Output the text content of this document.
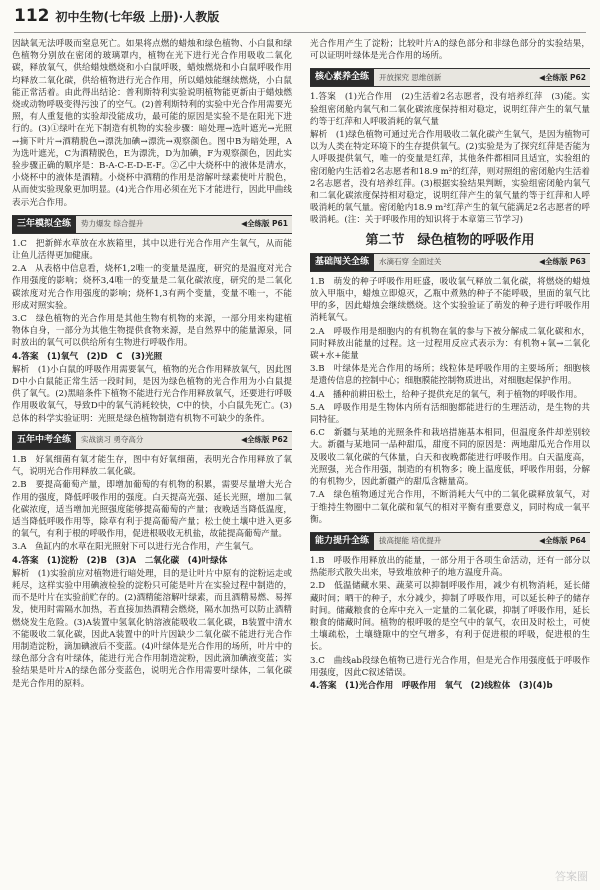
112 初中生物(七年级 上册)·人教版

因缺氧无法呼吸而窒息死亡。如果将点燃的蜡烛和绿色植物、小白鼠和绿色植物分别放在密闭的玻璃罩内，植物在光下进行光合作用吸收二氧化碳，释放氧气，供给蜡烛燃烧和小白鼠呼吸，蜡烛燃烧和小白鼠呼吸作用均释放二氧化碳，供给植物进行光合作用，所以蜡烛能继续燃烧，小白鼠能正常活着。由此得出结论：普利斯特利实验说明植物能更新由于蜡烛燃烧或动物呼吸变得污浊了的空气。(2)普利斯特利的实验中光合作用需要光照，有人重复他的实验却没能成功，最可能的原因是实验不是在阳光下进行的。(3)①绿叶在光下制造有机物的实验步骤：暗处理→选叶遮光→光照→摘下叶片→酒精脱色→漂洗加碘→漂洗→观察颜色。图中B为暗处理，A为选叶遮光，C为酒精脱色，E为漂洗，D为加碘，F为观察颜色，因此实验步骤正确的顺序是：B-A-C-E-D-E-F。②乙中大烧杯中的液体是清水，小烧杯中的液体是酒精。小烧杯中酒精的作用是溶解叶绿素使叶片脱色，从而使实验现象更加明显。(4)光合作用必须在光下才能进行，因此甲曲线表示光合作用。

三年模拟全练	势力爆发 综合提升	◀全练版 P61

1.C　把新鲜水草放在水族箱里，其中以进行光合作用产生氧气，从而能让鱼儿活得更加健康。

2.A　从表格中信息看，烧杯1,2唯一的变量是温度，研究的是温度对光合作用强度的影响；烧杯3,4唯一的变量是二氧化碳浓度，研究的是二氧化碳浓度对光合作用强度的影响；烧杯1,3有两个变量，变量不唯一，不能形成对照实验。

3.C　绿色植物的光合作用是其他生物有机物的来源，一部分用来构建植物体自身，一部分为其他生物提供食物来源，是自然界中的能量源泉，同时放出的氧气可以供给所有生物进行呼吸作用。

4.答案　(1)氧气　(2)D　C　(3)光照

解析　(1)小白鼠的呼吸作用需要氧气，植物的光合作用释放氧气，因此图D中小白鼠能正常生活一段时间，是因为绿色植物的光合作用为小白鼠提供了氧气。(2)黑暗条件下植物不能进行光合作用释放氧气，还要进行呼吸作用吸收氧气，导致D中的氧气消耗较快，C中的快，小白鼠先死亡。(3)总体的科学实验证明：光照是绿色植物制造有机物不可缺少的条件。

五年中考全练	实战演习 勇夺高分	◀全练版 P62

1.B　好氧细菌有氧才能生存，图中有好氧细菌，表明光合作用释放了氧气，说明光合作用释放二氧化碳。

2.B　要提高葡萄产量，即增加葡萄的有机物的积累，需要尽量增大光合作用的强度，降低呼吸作用的强度。白天提高光强、延长光照，增加二氧化碳浓度，适当增加光照强度能够提高葡萄的产量；夜晚适当降低温度，适当降低呼吸作用等，除草有利于提高葡萄产量；松土使土壤中进入更多的氧气，有利于根的呼吸作用，促进根吸收无机盐，故能提高葡萄产量。

3.A　鱼缸内的水草在阳光照射下可以进行光合作用，产生氧气。

4.答案　(1)淀粉　(2)B　(3)A　二氧化碳　(4)叶绿体

解析　(1)实验前应对植物进行暗处理，目的是让叶片中原有的淀粉运走或耗尽，这样实验中用碘液检验的淀粉只可能是叶片在实验过程中制造的，而不是叶片在实验前贮存的。(2)酒精能溶解叶绿素，而且酒精易燃、易挥发，使用时需隔水加热，若直接加热酒精会燃烧，隔水加热可以防止酒精燃烧发生危险。(3)A装置中氢氧化钠溶液能吸收二氧化碳，B装置中清水不能吸收二氧化碳，因此A装置中的叶片因缺少二氧化碳不能进行光合作用制造淀粉，滴加碘液后不变蓝。(4)叶绿体是光合作用的场所，叶片中的绿色部分含有叶绿体，能进行光合作用制造淀粉，因此滴加碘液变蓝；实验结果是叶片A的绿色部分变蓝色，说明光合作用需要叶绿体，二氧化碳是光合作用的原料。

光合作用产生了淀粉；比较叶片A的绿色部分和非绿色部分的实验结果，可以证明叶绿体是光合作用的场所。

核心素养全练	开放探究 思维创新	◀全练版 P62

1.答案　(1)光合作用　(2)生活着2名志愿者，没有培养红萍　(3)能。实验组密闭舱内氧气和二氧化碳浓度保持相对稳定，说明红萍产生的氧气量约等于红萍和人呼吸消耗的氧气量

解析　(1)绿色植物可通过光合作用吸收二氧化碳产生氧气，是因为植物可以为人类在特定环境下的生存提供氧气。(2)实验是为了探究红萍是否能为人呼吸提供氧气，唯一的变量是红萍，其他条件都相同且适宜，实验组的密闭舱内生活着2名志愿者和18.9 m²的红萍，则对照组的密闭舱内生活着2名志愿者，没有培养红萍。(3)根据实验结果判断，实验组密闭舱内氧气和二氧化碳浓度保持相对稳定，说明红萍产生的氧气量约等于红萍和人呼吸消耗的氧气量。密闭舱内18.9 m²红萍产生的氧气能满足2名志愿者的呼吸消耗。(注：关于呼吸作用的知识将于本章第三节学习)

第二节　绿色植物的呼吸作用
基础闯关全练	水滴石穿 全面过关	◀全练版 P63

1.B　萌发的种子呼吸作用旺盛，吸收氧气释放二氧化碳，将燃烧的蜡烛放入甲瓶中，蜡烛立即熄灭，乙瓶中煮熟的种子不能呼吸，里面的氧气比甲的多，因此蜡烛会继续燃烧。这个实验验证了萌发的种子进行呼吸作用消耗氧气。

2.A　呼吸作用是细胞内的有机物在氧的参与下被分解成二氧化碳和水，同时释放出能量的过程。这一过程用反应式表示为：有机物+氧→二氧化碳+水+能量

3.B　叶绿体是光合作用的场所；线粒体是呼吸作用的主要场所；细胞核是遗传信息的控制中心；细胞膜能控制物质进出，对细胞起保护作用。

4.A　播种前耕田松土，给种子提供充足的氧气，利于植物的呼吸作用。

5.A　呼吸作用是生物体内所有活细胞都能进行的生理活动，是生物的共同特征。

6.C　新疆与某地的光照条件和栽培措施基本相同，但温度条件却差别较大。新疆与某地同一品种甜瓜，甜度不同的原因是：两地甜瓜光合作用以及吸收二氧化碳的气体量，白天和夜晚都能进行呼吸作用。白天温度高，光照强，光合作用强，制造的有机物多；晚上温度低，呼吸作用弱，分解的有机物少，因此新疆产的甜瓜含糖量高。

7.A　绿色植物通过光合作用，不断消耗大气中的二氧化碳释放氧气，对于维持生物圈中二氧化碳和氧气的相对平衡有重要意义，同时构成一氧平衡。

能力提升全练	拔高提能 培优提升	◀全练版 P64

1.B　呼吸作用释放出的能量，一部分用于各项生命活动，还有一部分以热能形式散失出来，导致堆放种子的地方温度升高。

2.D　低温储藏水果、蔬菜可以抑制呼吸作用，减少有机物消耗，延长储藏时间；晒干的种子，水分减少，抑制了呼吸作用，可以延长种子的储存时间。储藏粮食的仓库中充入一定量的二氧化碳，抑制了呼吸作用，延长粮食的储藏时间。植物的根呼吸的是空气中的氧气，农田及时松土，可使土壤疏松，土壤缝隙中的空气增多，有利于促进根的呼吸，促进根的生长。

3.C　曲线ab段绿色植物已进行光合作用，但是光合作用强度低于呼吸作用强度，因此C叙述错误。

4.答案　(1)光合作用　呼吸作用　氧气　(2)线粒体　(3)(4)b

答案圈
